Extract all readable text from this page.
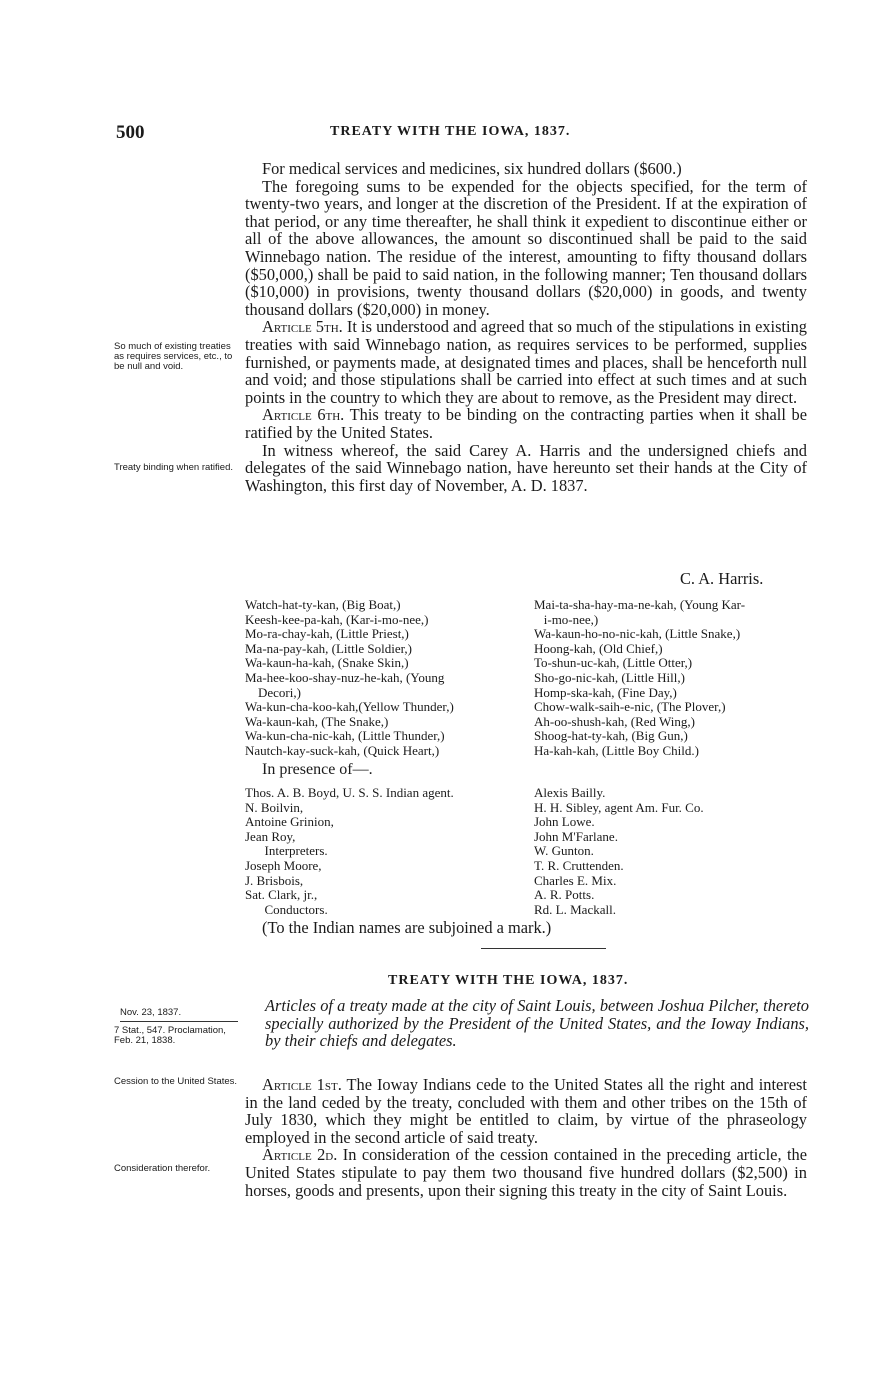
500	TREATY WITH THE IOWA, 1837.

For medical services and medicines, six hundred dollars ($600.)

The foregoing sums to be expended for the objects specified, for the term of twenty-two years, and longer at the discretion of the President. If at the expiration of that period, or any time thereafter, he shall think it expedient to discontinue either or all of the above allowances, the amount so discontinued shall be paid to the said Winnebago nation. The residue of the interest, amounting to fifty thousand dollars ($50,000,) shall be paid to said nation, in the following manner; Ten thousand dollars ($10,000) in provisions, twenty thousand dollars ($20,000) in goods, and twenty thousand dollars ($20,000) in money.

Article 5th. It is understood and agreed that so much of the stipulations in existing treaties with said Winnebago nation, as requires services to be performed, supplies furnished, or payments made, at designated times and places, shall be henceforth null and void; and those stipulations shall be carried into effect at such times and at such points in the country to which they are about to remove, as the President may direct.

Article 6th. This treaty to be binding on the contracting parties when it shall be ratified by the United States.

In witness whereof, the said Carey A. Harris and the undersigned chiefs and delegates of the said Winnebago nation, have hereunto set their hands at the City of Washington, this first day of November, A. D. 1837.

So much of existing treaties as requires services, etc., to be null and void.
Treaty binding when ratified.
C. A. Harris.
Watch-hat-ty-kan, (Big Boat,)
Keesh-kee-pa-kah, (Kar-i-mo-nee,)
Mo-ra-chay-kah, (Little Priest,)
Ma-na-pay-kah, (Little Soldier,)
Wa-kaun-ha-kah, (Snake Skin,)
Ma-hee-koo-shay-nuz-he-kah, (Young
Decori,)
Wa-kun-cha-koo-kah,(Yellow Thunder,)
Wa-kaun-kah, (The Snake,)
Wa-kun-cha-nic-kah, (Little Thunder,)
Nautch-kay-suck-kah, (Quick Heart,)
Mai-ta-sha-hay-ma-ne-kah, (Young Kar-
i-mo-nee,)
Wa-kaun-ho-no-nic-kah, (Little Snake,)
Hoong-kah, (Old Chief,)
To-shun-uc-kah, (Little Otter,)
Sho-go-nic-kah, (Little Hill,)
Homp-ska-kah, (Fine Day,)
Chow-walk-saih-e-nic, (The Plover,)
Ah-oo-shush-kah, (Red Wing,)
Shoog-hat-ty-kah, (Big Gun,)
Ha-kah-kah, (Little Boy Child.)
In presence of—.
Thos. A. B. Boyd, U. S. S. Indian agent.
N. Boilvin,
Antoine Grinion,
Jean Roy,
Interpreters.
Joseph Moore,
J. Brisbois,
Sat. Clark, jr.,
Conductors.
Alexis Bailly.
H. H. Sibley, agent Am. Fur. Co.
John Lowe.
John M'Farlane.
W. Gunton.
T. R. Cruttenden.
Charles E. Mix.
A. R. Potts.
Rd. L. Mackall.
(To the Indian names are subjoined a mark.)
TREATY WITH THE IOWA, 1837.
Nov. 23, 1837.
7 Stat., 547. Proclamation, Feb. 21, 1838.
Articles of a treaty made at the city of Saint Louis, between Joshua Pilcher, thereto specially authorized by the President of the United States, and the Ioway Indians, by their chiefs and delegates.

Article 1st. The Ioway Indians cede to the United States all the right and interest in the land ceded by the treaty, concluded with them and other tribes on the 15th of July 1830, which they might be entitled to claim, by virtue of the phraseology employed in the second article of said treaty.

Article 2d. In consideration of the cession contained in the preceding article, the United States stipulate to pay them two thousand five hundred dollars ($2,500) in horses, goods and presents, upon their signing this treaty in the city of Saint Louis.

Cession to the United States.
Consideration therefor.
